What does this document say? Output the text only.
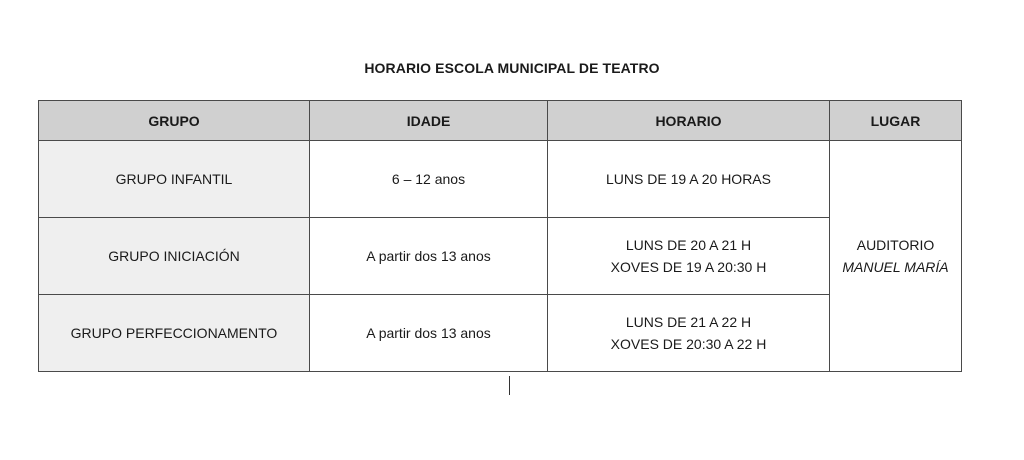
HORARIO ESCOLA MUNICIPAL DE TEATRO
GRUPO	IDADE	HORARIO	LUGAR
GRUPO INFANTIL	6 – 12 anos	LUNS DE 19 A 20 HORAS	AUDITORIO
MANUEL MARÍA

GRUPO INICIACIÓN	A partir dos 13 anos	LUNS DE 20 A 21 H
XOVES DE 19 A 20:30 H	

GRUPO PERFECCIONAMENTO	A partir dos 13 anos	LUNS DE 21 A 22 H
XOVES DE 20:30 A 22 H	
